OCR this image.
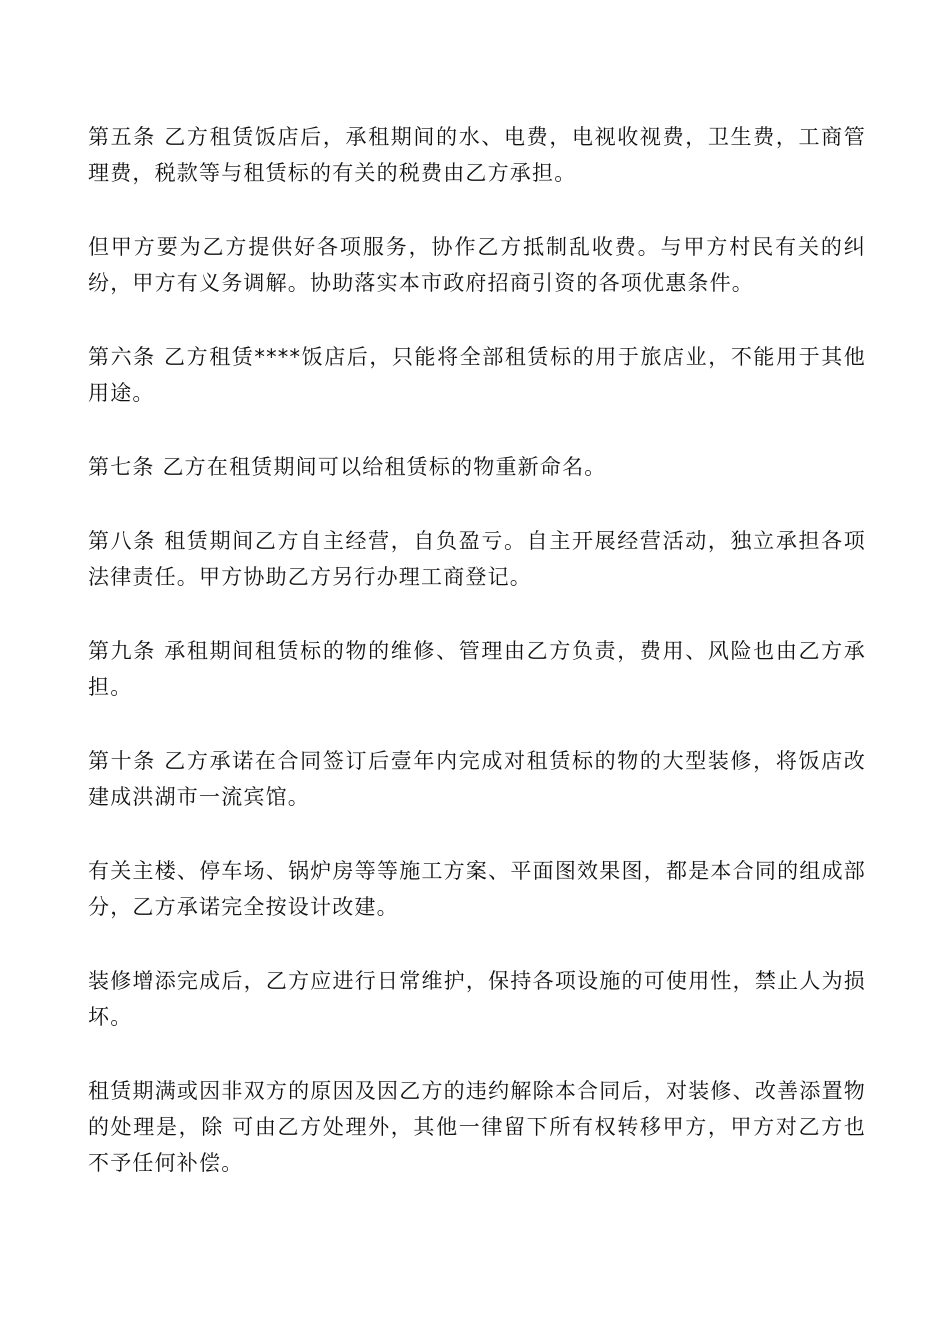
第五条 乙方租赁饭店后，承租期间的水、电费，电视收视费，卫生费，工商管理费，税款等与租赁标的有关的税费由乙方承担。

但甲方要为乙方提供好各项服务，协作乙方抵制乱收费。与甲方村民有关的纠纷，甲方有义务调解。协助落实本市政府招商引资的各项优惠条件。

第六条 乙方租赁****饭店后，只能将全部租赁标的用于旅店业，不能用于其他用途。

第七条 乙方在租赁期间可以给租赁标的物重新命名。

第八条 租赁期间乙方自主经营，自负盈亏。自主开展经营活动，独立承担各项法律责任。甲方协助乙方另行办理工商登记。

第九条 承租期间租赁标的物的维修、管理由乙方负责，费用、风险也由乙方承担。

第十条 乙方承诺在合同签订后壹年内完成对租赁标的物的大型装修，将饭店改建成洪湖市一流宾馆。

有关主楼、停车场、锅炉房等等施工方案、平面图效果图，都是本合同的组成部分，乙方承诺完全按设计改建。

装修增添完成后，乙方应进行日常维护，保持各项设施的可使用性，禁止人为损坏。

租赁期满或因非双方的原因及因乙方的违约解除本合同后，对装修、改善添置物的处理是，除 可由乙方处理外，其他一律留下所有权转移甲方，甲方对乙方也不予任何补偿。
